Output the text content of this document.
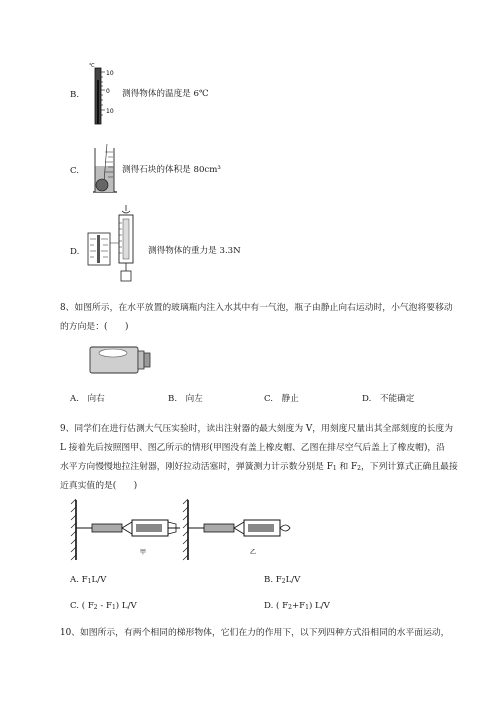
B.
℃
10
0
10
测得物体的温度是 6℃
C.	测得石块的体积是 80cm³
D.	测得物体的重力是 3.3N
8、如图所示，在水平放置的玻璃瓶内注入水其中有一气泡，瓶子由静止向右运动时，小气泡将要移动
的方向是：(　　)
A.　向右	B.　向左	C.　静止	D.　不能确定
9、同学们在进行估测大气压实验时，读出注射器的最大刻度为 V，用刻度尺量出其全部刻度的长度为
L 接着先后按照图甲、图乙所示的情形(甲图没有盖上橡皮帽、乙图在排尽空气后盖上了橡皮帽)，沿
水平方向慢慢地拉注射器，刚好拉动活塞时，弹簧测力计示数分别是 $F_1$ 和 $F_2$，下列计算式正确且最接
近真实值的是(　　)
甲	乙
A. $F_1L/V$	B. $F_2L/V$
C. ( $F_2 - F_1$) L/V	D. ( $F_2+F_1$) L/V
10、如图所示，有两个相同的梯形物体，它们在力的作用下，以下列四种方式沿相同的水平面运动，
